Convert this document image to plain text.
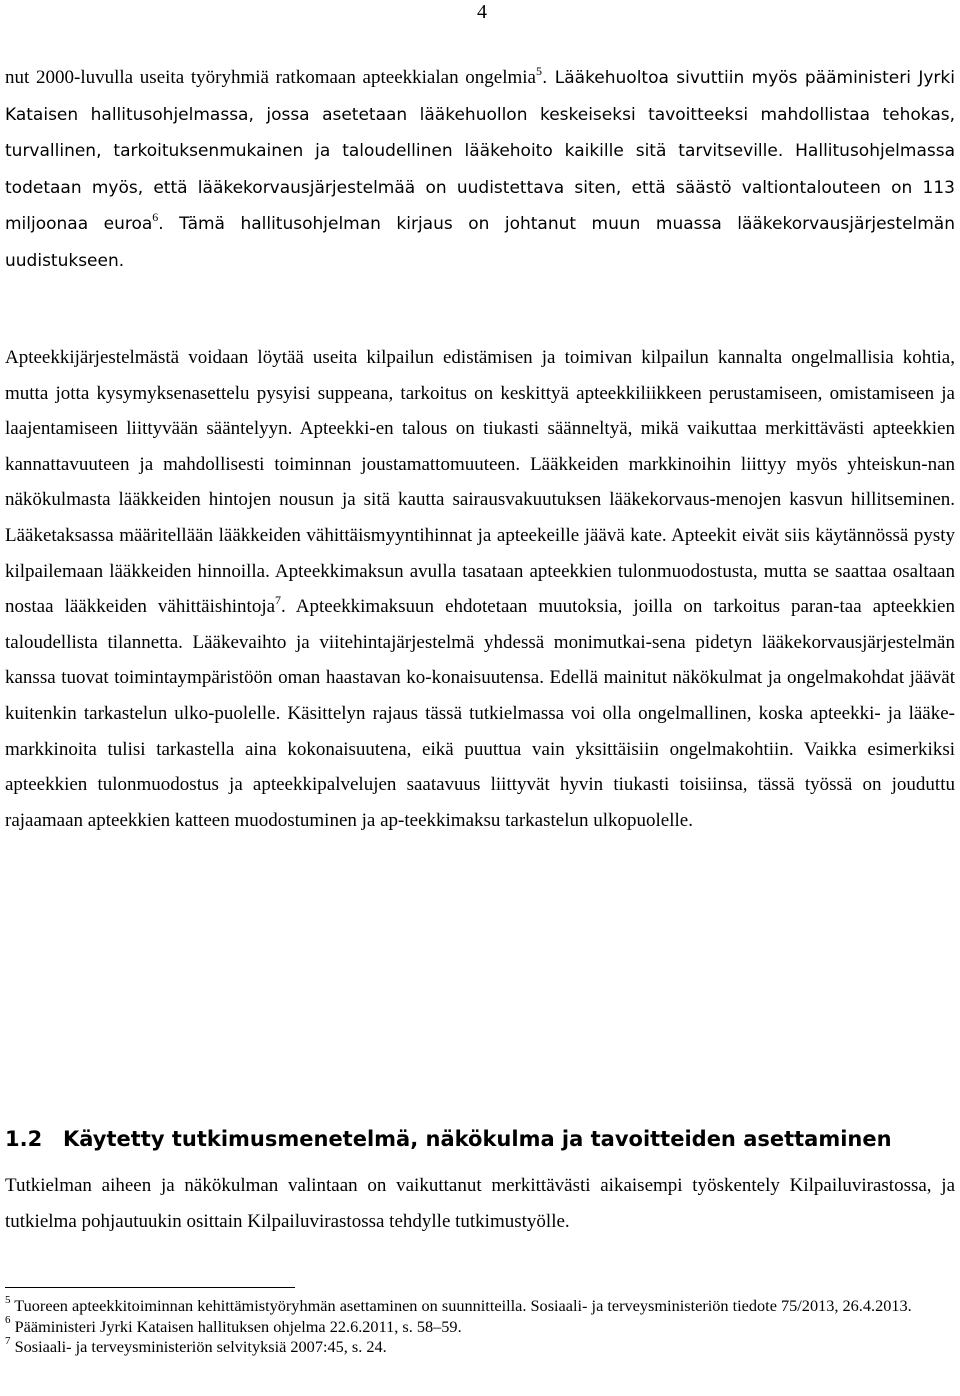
4

nut 2000-luvulla useita työryhmiä ratkomaan apteekkialan ongelmia$^5$. Lääkehuoltoa sivuttiin myös pääministeri Jyrki Kataisen hallitusohjelmassa, jossa asetetaan lääkehuollon keskeiseksi tavoitteeksi mahdollistaa tehokas, turvallinen, tarkoituksenmukainen ja taloudellinen lääkehoito kaikille sitä tarvitseville. Hallitusohjelmassa todetaan myös, että lääkekorvausjärjestelmää on uudistettava siten, että säästö valtiontalouteen on 113 miljoonaa euroa$^6$. Tämä hallitusohjelman kirjaus on johtanut muun muassa lääkekorvausjärjestelmän uudistukseen.

Apteekkijärjestelmästä voidaan löytää useita kilpailun edistämisen ja toimivan kilpailun kannalta ongelmallisia kohtia, mutta jotta kysymyksenasettelu pysyisi suppeana, tarkoitus on keskittyä apteekkiliikkeen perustamiseen, omistamiseen ja laajentamiseen liittyvään sääntelyyn. Apteekki-en talous on tiukasti säänneltyä, mikä vaikuttaa merkittävästi apteekkien kannattavuuteen ja mahdollisesti toiminnan joustamattomuuteen. Lääkkeiden markkinoihin liittyy myös yhteiskun-nan näkökulmasta lääkkeiden hintojen nousun ja sitä kautta sairausvakuutuksen lääkekorvaus-menojen kasvun hillitseminen. Lääketaksassa määritellään lääkkeiden vähittäismyyntihinnat ja apteekeille jäävä kate. Apteekit eivät siis käytännössä pysty kilpailemaan lääkkeiden hinnoilla. Apteekkimaksun avulla tasataan apteekkien tulonmuodostusta, mutta se saattaa osaltaan nostaa lääkkeiden vähittäishintoja$^7$. Apteekkimaksuun ehdotetaan muutoksia, joilla on tarkoitus paran-taa apteekkien taloudellista tilannetta. Lääkevaihto ja viitehintajärjestelmä yhdessä monimutkai-sena pidetyn lääkekorvausjärjestelmän kanssa tuovat toimintaympäristöön oman haastavan ko-konaisuutensa. Edellä mainitut näkökulmat ja ongelmakohdat jäävät kuitenkin tarkastelun ulko-puolelle. Käsittelyn rajaus tässä tutkielmassa voi olla ongelmallinen, koska apteekki- ja lääke-markkinoita tulisi tarkastella aina kokonaisuutena, eikä puuttua vain yksittäisiin ongelmakohtiin. Vaikka esimerkiksi apteekkien tulonmuodostus ja apteekkipalvelujen saatavuus liittyvät hyvin tiukasti toisiinsa, tässä työssä on jouduttu rajaamaan apteekkien katteen muodostuminen ja ap-teekkimaksu tarkastelun ulkopuolelle.

1.2 Käytetty tutkimusmenetelmä, näkökulma ja tavoitteiden asettaminen

Tutkielman aiheen ja näkökulman valintaan on vaikuttanut merkittävästi aikaisempi työskentely Kilpailuvirastossa, ja tutkielma pohjautuukin osittain Kilpailuvirastossa tehdylle tutkimustyölle.

$^5$ Tuoreen apteekkitoiminnan kehittämistyöryhmän asettaminen on suunnitteilla. Sosiaali- ja terveysministeriön tiedote 75/2013, 26.4.2013.

$^6$ Pääministeri Jyrki Kataisen hallituksen ohjelma 22.6.2011, s. 58–59.

$^7$ Sosiaali- ja terveysministeriön selvityksiä 2007:45, s. 24.
